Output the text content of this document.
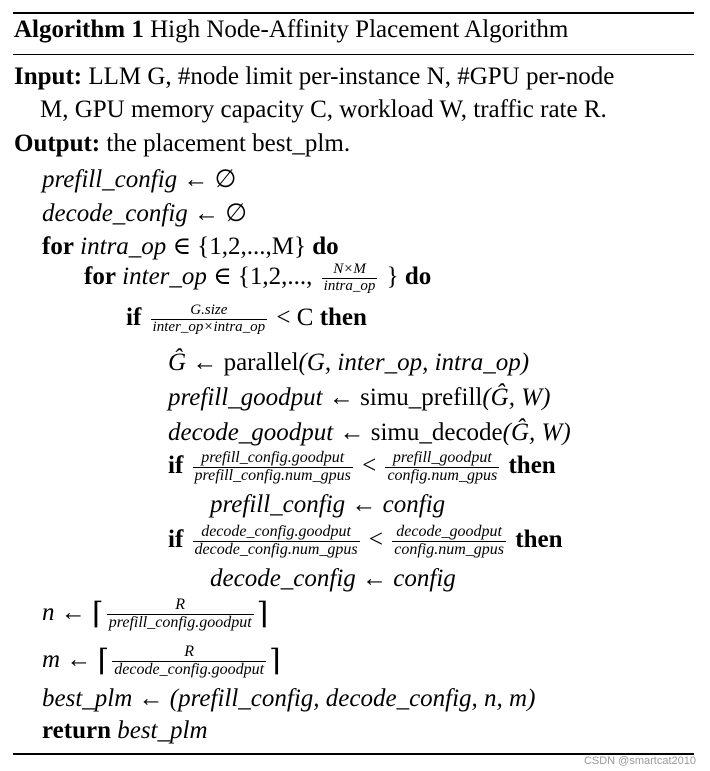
Algorithm 1 High Node-Affinity Placement Algorithm
Input: LLM G, #node limit per-instance N, #GPU per-node
M, GPU memory capacity C, workload W, traffic rate R.
Output: the placement best_plm.
prefill_config ← ∅
decode_config ← ∅
for intra_op ∈ {1,2,...,M} do
for inter_op ∈ {1,2,..., N×M
intra_op } do
if	G.size
inter_op×intra_op < C then
Ĝ ← parallel(G, inter_op, intra_op)
prefill_goodput ← simu_prefill(Ĝ, W)
decode_goodput ← simu_decode(Ĝ, W)
if prefill_config.goodput
prefill_config.num_gpus < prefill_goodput
config.num_gpus then
prefill_config ← config
if decode_config.goodput
decode_config.num_gpus < decode_goodput
config.num_gpus then
decode_config ← config
n ← ⌈	R
prefill_config.goodput ⌉
m ← ⌈	R
decode_config.goodput ⌉
best_plm ← (prefill_config, decode_config, n, m)
return best_plm
CSDN @smartcat2010
